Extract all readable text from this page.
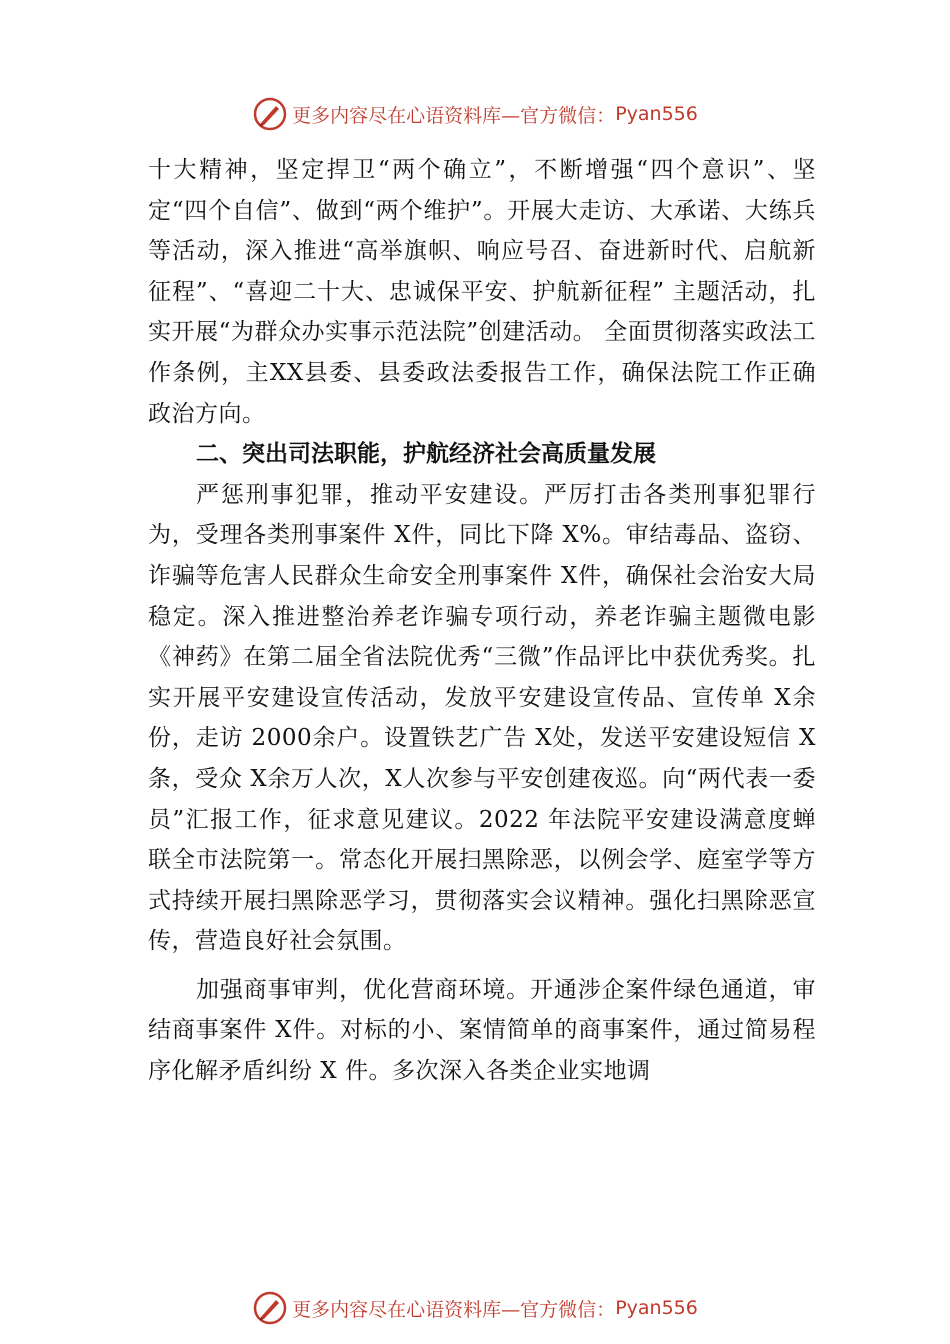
更多内容尽在心语资料库 —官方微信： Pyan556

十大精神，坚定捍卫“两个确立”，不断增强“四个意识”、坚定“四个自信”、做到“两个维护”。开展大走访、大承诺、大练兵等活动，深入推进“高举旗帜、响应号召、奋进新时代、启航新征程”、“喜迎二十大、忠诚保平安、护航新征程” 主题活动，扎实开展“为群众办实事示范法院”创建活动。 全面贯彻落实政法工作条例，主XX县委、县委政法委报告工作，确保法院工作正确政治方向。

二、突出司法职能，护航经济社会高质量发展

严惩刑事犯罪，推动平安建设。严厉打击各类刑事犯罪行为，受理各类刑事案件 X件，同比下降 X%。审结毒品、盗窃、诈骗等危害人民群众生命安全刑事案件 X件，确保社会治安大局稳定。深入推进整治养老诈骗专项行动，养老诈骗主题微电影《神药》在第二届全省法院优秀“三微”作品评比中获优秀奖。扎实开展平安建设宣传活动，发放平安建设宣传品、宣传单 X余份，走访 2000余户。设置铁艺广告 X处，发送平安建设短信 X条，受众 X余万人次，X人次参与平安创建夜巡。向“两代表一委员”汇报工作，征求意见建议。2022 年法院平安建设满意度蝉联全市法院第一。常态化开展扫黑除恶，以例会学、庭室学等方式持续开展扫黑除恶学习，贯彻落实会议精神。强化扫黑除恶宣传，营造良好社会氛围。

加强商事审判，优化营商环境。开通涉企案件绿色通道，审结商事案件 X件。对标的小、案情简单的商事案件，通过简易程序化解矛盾纠纷 X 件。多次深入各类企业实地调

更多内容尽在心语资料库 —官方微信： Pyan556
